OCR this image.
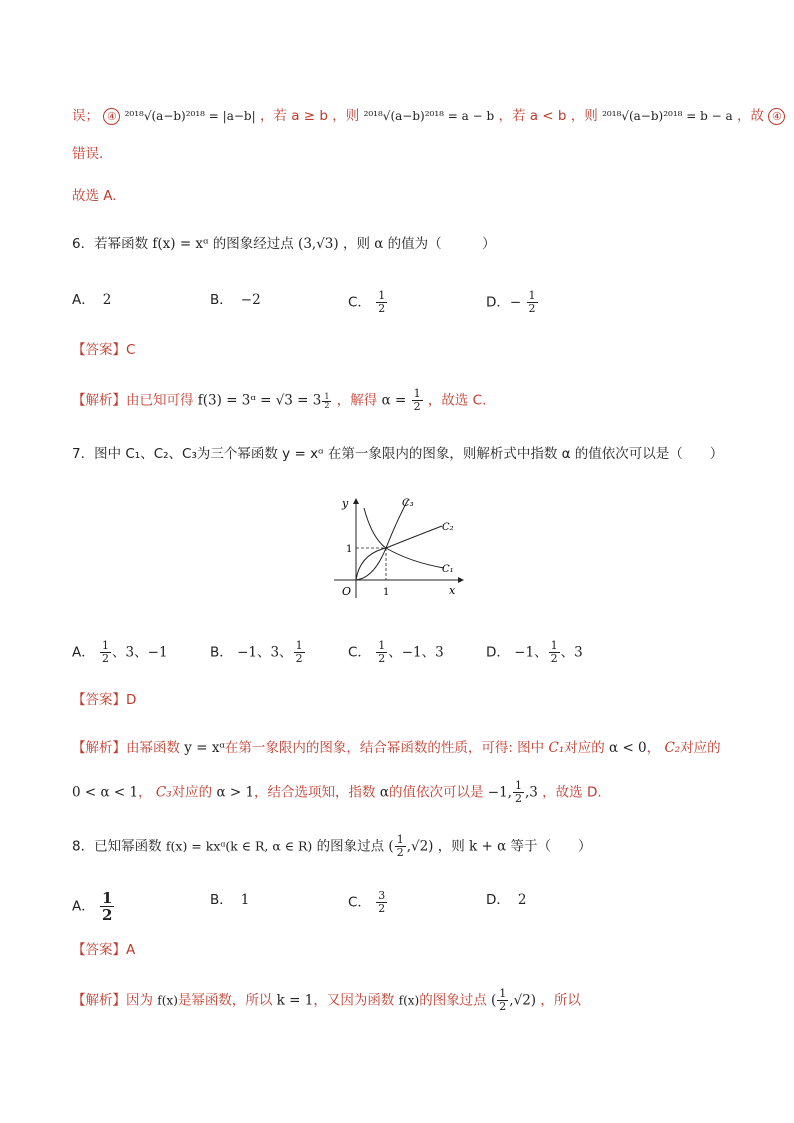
误； ④ ²⁰¹⁸√(a−b)²⁰¹⁸ = |a−b| ，若 a ≥ b ，则 ²⁰¹⁸√(a−b)²⁰¹⁸ = a − b ，若 a < b ，则 ²⁰¹⁸√(a−b)²⁰¹⁸ = b − a ，故 ④
错误．
故选 A.
6．若幂函数 f(x) = xᵅ 的图象经过点 (3,√3) ，则 α 的值为（　　　）
A． 2	B． −2	C． $\frac{1}{2}$	D．− $\frac{1}{2}$
【答案】C
【解析】由已知可得 f(3) = 3ᵅ = $√3 = 3 \frac{1}{2}$ ，解得 $\alpha = \frac{1}{2}$ ，故选 C.
7．图中 C₁、C₂、C₃为三个幂函数 y = xᵅ 在第一象限内的图象，则解析式中指数 α 的值依次可以是（　　）
y
x
O	1
1
C₃
C₂
C₁
A． $\frac{1}{2}$ 、3、−1	B． −1、3、 $\frac{1}{2}$	C． $\frac{1}{2}$ 、−1、3	D． −1、 $\frac{1}{2}$ 、3
【答案】D
【解析】由幂函数 y = xᵅ在第一象限内的图象，结合幂函数的性质，可得: 图中 C₁对应的 α < 0， C₂对应的
0 < α < 1， C₃对应的 α > 1，结合选项知，指数 α的值依次可以是 −1, $\frac{1}{2} ,3$ ，故选 D.
8．已知幂函数 f(x) = kxᵅ(k ∈ R, α ∈ R) 的图象过点 ( $\frac{1}{2} ,√2$) ，则 k + α 等于（　　）
A． $\frac{1}{2}$	B． 1	C． $\frac{3}{2}$	D． 2
【答案】A
【解析】因为 f(x)是幂函数，所以 k = 1，又因为函数 f(x)的图象过点 ( $\frac{1}{2} ,√2$) ，所以
